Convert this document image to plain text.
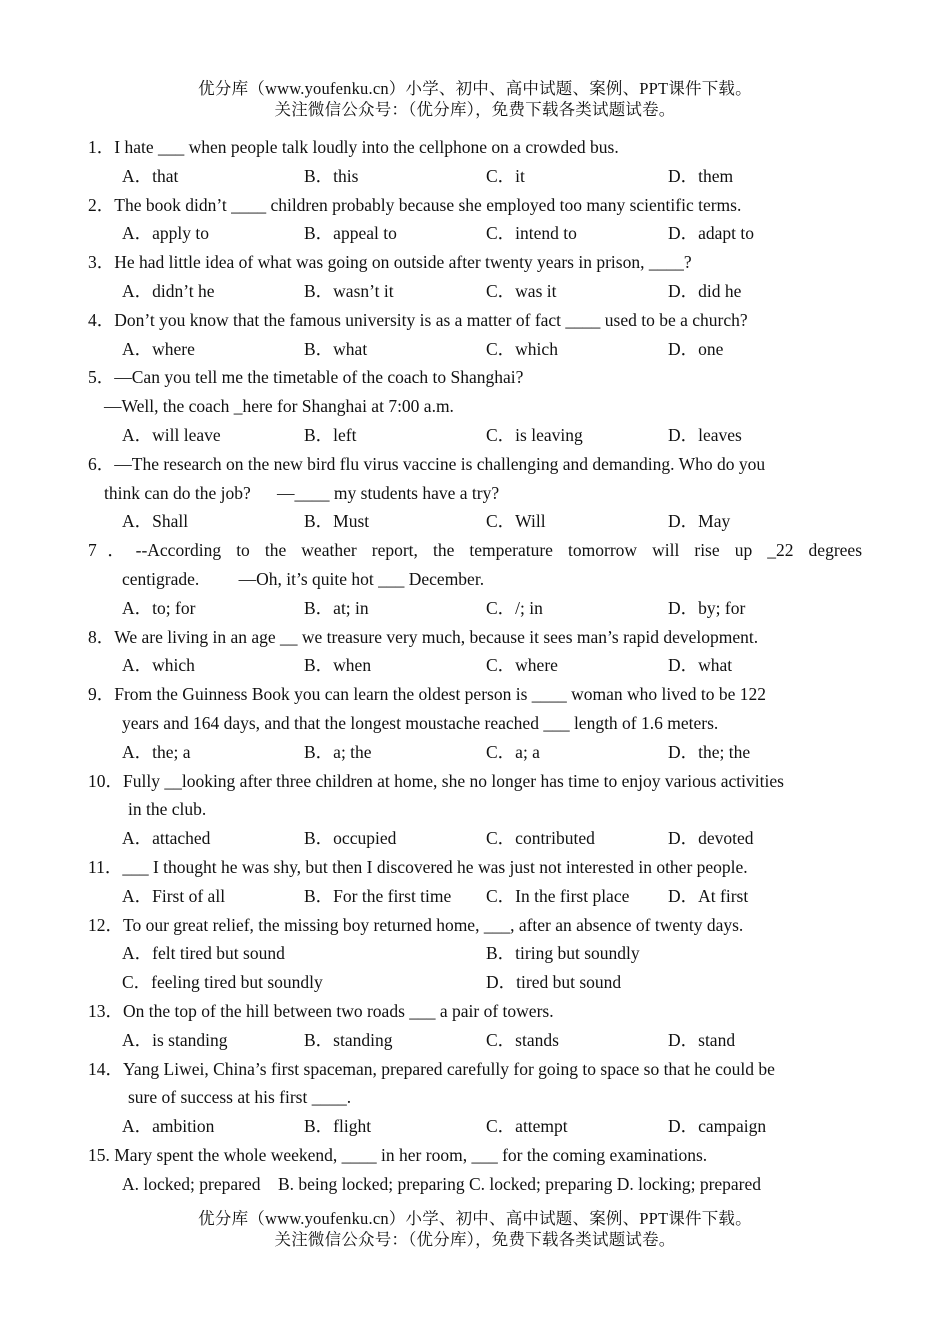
优分库（www.youfenku.cn）小学、初中、高中试题、案例、PPT课件下载。
关注微信公众号：（优分库），免费下载各类试题试卷。
1．I hate ___ when people talk loudly into the cellphone on a crowded bus.
A．that	B．this	C．it	D．them
2．The book didn’t ____ children probably because she employed too many scientific terms.
A．apply to	B．appeal to	C．intend to	D．adapt to
3．He had little idea of what was going on outside after twenty years in prison, ____?
A．didn’t he	B．wasn’t it	C．was it	D．did he
4．Don’t you know that the famous university is as a matter of fact ____ used to be a church?
A．where	B．what	C．which	D．one
5．—Can you tell me the timetable of the coach to Shanghai?
—Well, the coach _here for Shanghai at 7:00 a.m.
A．will leave	B．left	C．is leaving	D．leaves
6．—The research on the new bird flu virus vaccine is challenging and demanding. Who do you
think can do the job?      —____ my students have a try?
A．Shall	B．Must	C．Will	D．May
7．--According to the weather report, the temperature tomorrow will rise up _22 degrees
centigrade.         —Oh, it’s quite hot ___ December.
A．to; for	B．at; in	C．/; in	D．by; for
8．We are living in an age __ we treasure very much, because it sees man’s rapid development.
A．which	B．when	C．where	D．what
9．From the Guinness Book you can learn the oldest person is ____ woman who lived to be 122
years and 164 days, and that the longest moustache reached ___ length of 1.6 meters.
A．the; a	B．a; the	C．a; a	D．the; the
10．Fully __looking after three children at home, she no longer has time to enjoy various activities
in the club.
A．attached	B．occupied	C．contributed	D．devoted
11．___ I thought he was shy, but then I discovered he was just not interested in other people.
A．First of all	B．For the first time C．In the first place D．At first
12．To our great relief, the missing boy returned home, ___, after an absence of twenty days.
A．felt tired but sound	B．tiring but soundly
C．feeling tired but soundly	D．tired but sound
13．On the top of the hill between two roads ___ a pair of towers.
A．is standing	B．standing	C．stands	D．stand
14．Yang Liwei, China’s first spaceman, prepared carefully for going to space so that he could be
sure of success at his first ____.
A．ambition	B．flight	C．attempt	D．campaign
15. Mary spent the whole weekend, ____ in her room, ___ for the coming examinations.
A. locked; prepared    B. being locked; preparing C. locked; preparing D. locking; prepared
优分库（www.youfenku.cn）小学、初中、高中试题、案例、PPT课件下载。
关注微信公众号：（优分库），免费下载各类试题试卷。
